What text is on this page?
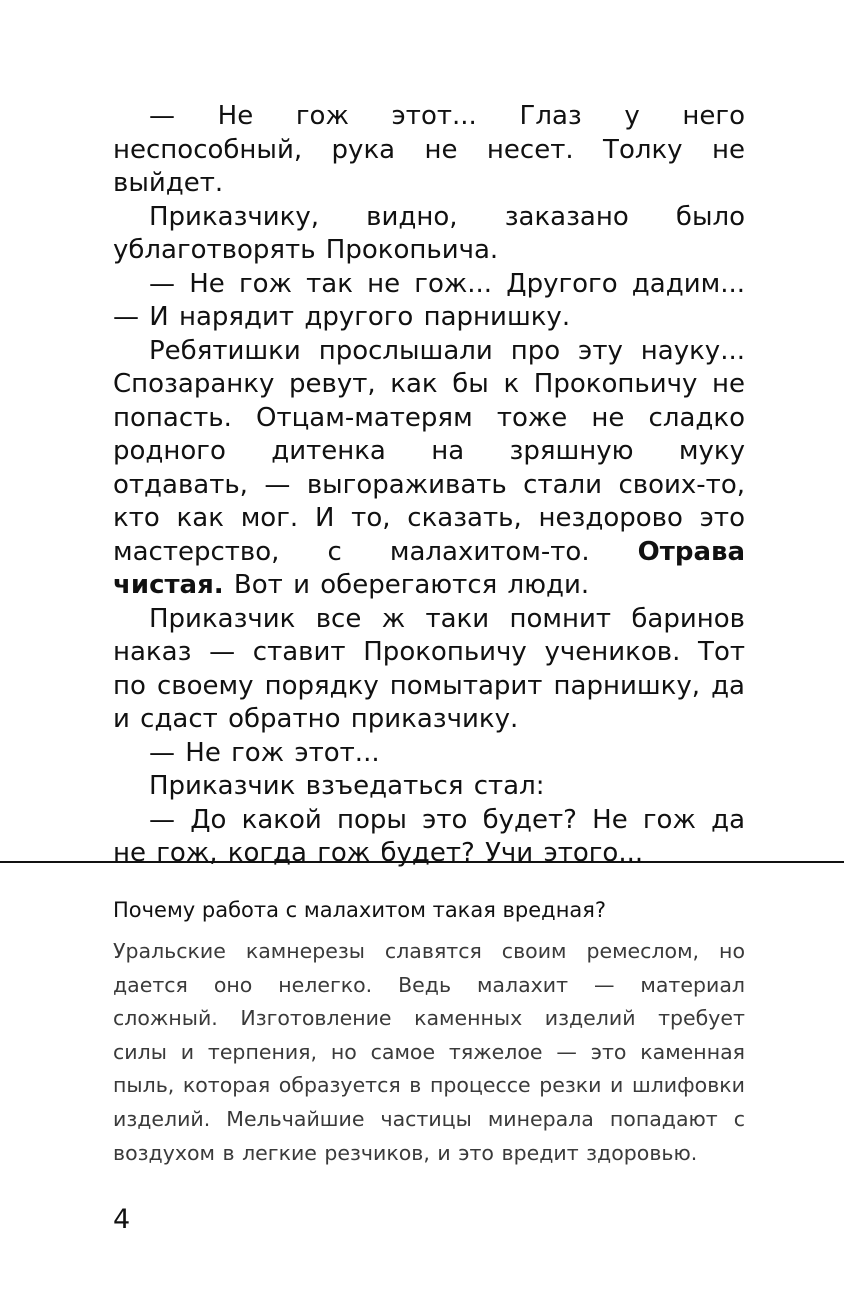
— Не гож этот... Глаз у него неспособный, рука не несет. Толку не выйдет.

Приказчику, видно, заказано было ублаготворять Прокопьича.

— Не гож так не гож... Другого дадим... — И нарядит другого парнишку.

Ребятишки прослышали про эту науку... Спозаранку ревут, как бы к Прокопьичу не попасть. Отцам-матерям тоже не сладко родного дитенка на зряшную муку отдавать, — выгораживать стали своих-то, кто как мог. И то, сказать, нездорово это мастерство, с малахитом-то. Отрава чистая. Вот и оберегаются люди.

Приказчик все ж таки помнит баринов наказ — ставит Прокопьичу учеников. Тот по своему порядку помытарит парнишку, да и сдаст обратно приказчику.

— Не гож этот...

Приказчик взъедаться стал:

— До какой поры это будет? Не гож да не гож, когда гож будет? Учи этого...

Почему работа с малахитом такая вредная?

Уральские камнерезы славятся своим ремеслом, но дается оно нелегко. Ведь малахит — материал сложный. Изготовление каменных изделий требует силы и терпения, но самое тяжелое — это каменная пыль, которая образуется в процессе резки и шлифовки изделий. Мельчайшие частицы минерала попадают с воздухом в легкие резчиков, и это вредит здоровью.

4
